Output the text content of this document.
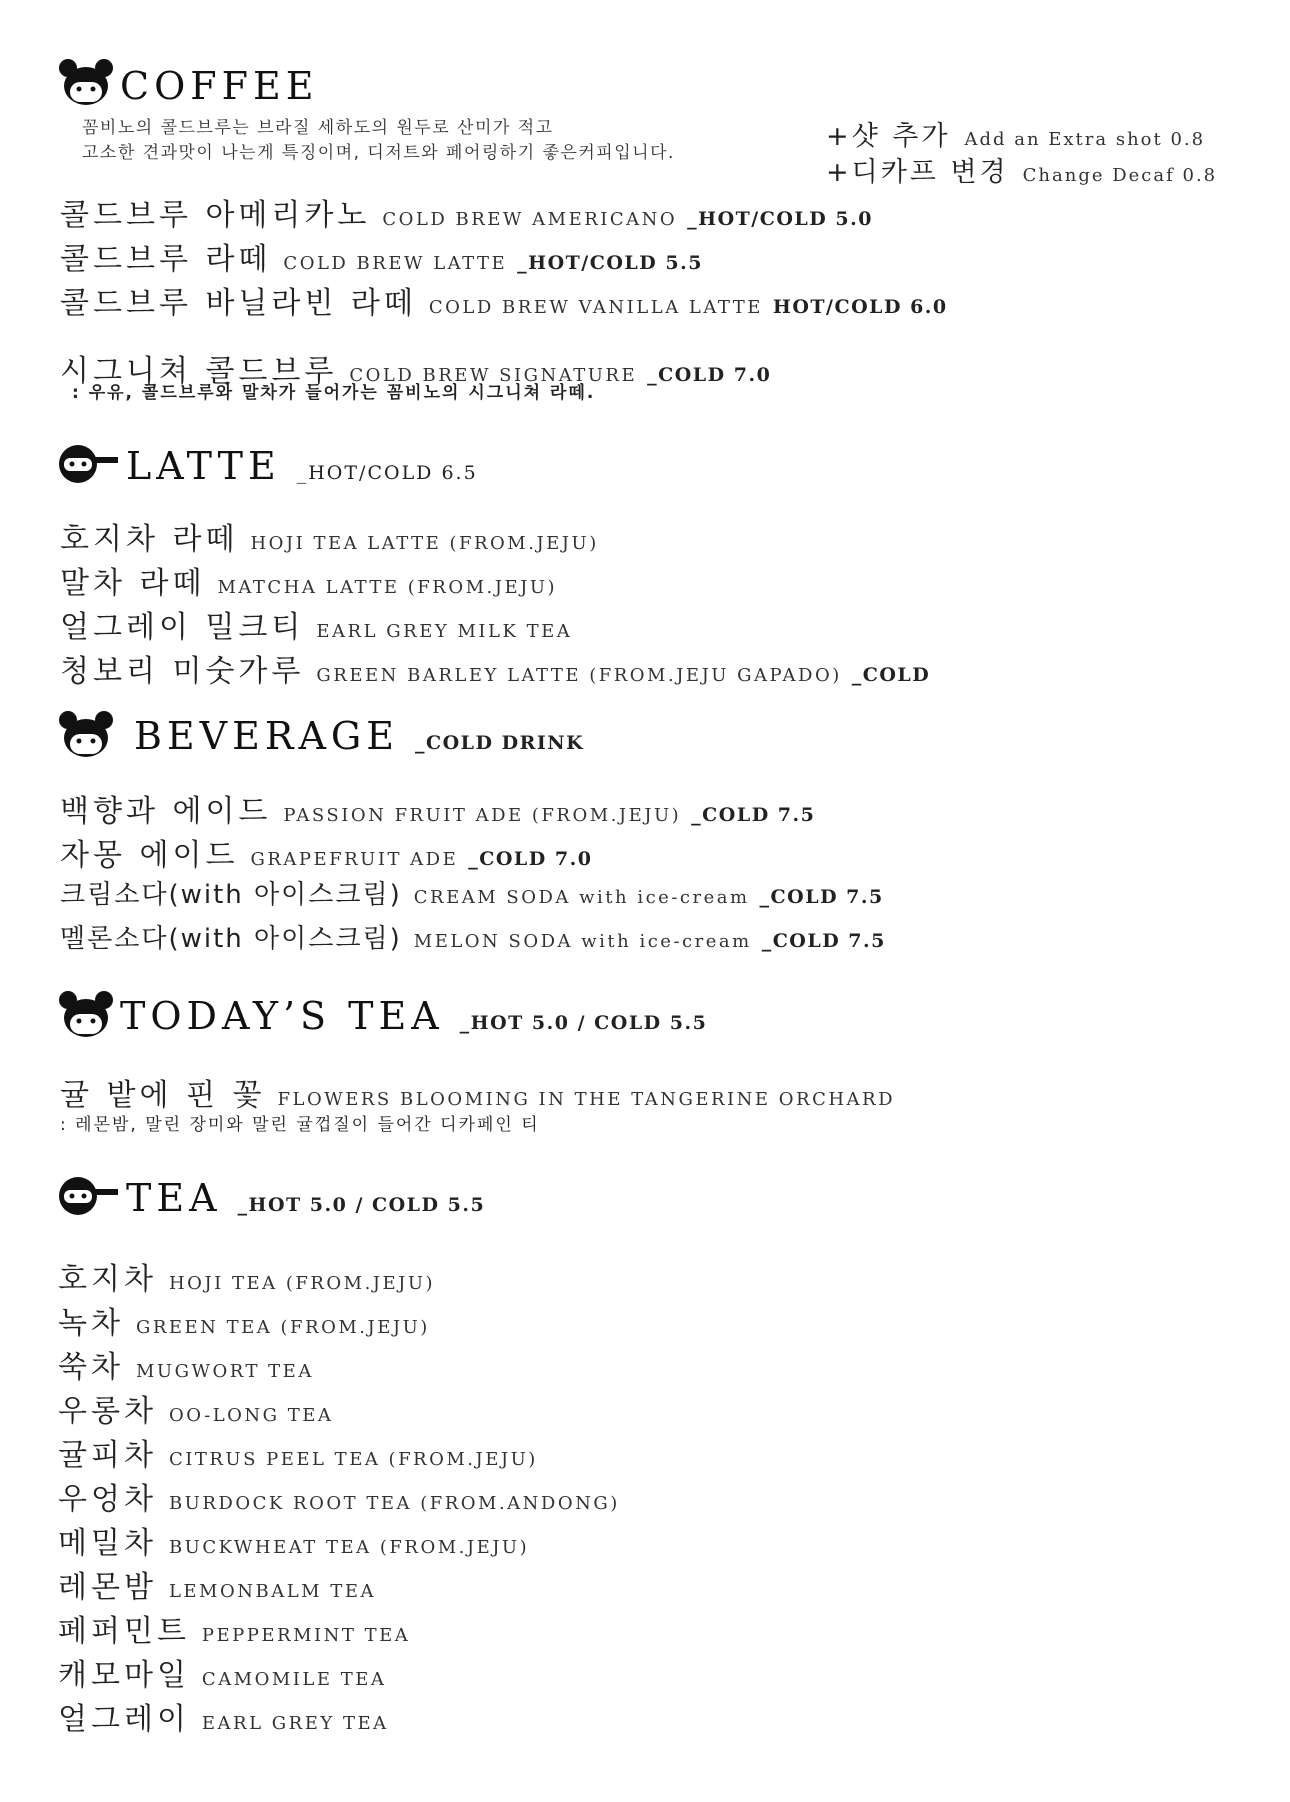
COFFEE
꼼비노의 콜드브루는 브라질 세하도의 원두로 산미가 적고
고소한 견과맛이 나는게 특징이며, 디저트와 페어링하기 좋은커피입니다.
+샷 추가 Add an Extra shot 0.8
+디카프 변경 Change Decaf 0.8
콜드브루 아메리카노 COLD BREW AMERICANO _HOT/COLD 5.0
콜드브루 라떼 COLD BREW LATTE _HOT/COLD 5.5
콜드브루 바닐라빈 라떼 COLD BREW VANILLA LATTE HOT/COLD 6.0
시그니쳐 콜드브루 COLD BREW SIGNATURE _COLD 7.0
: 우유, 콜드브루와 말차가 들어가는 꼼비노의 시그니쳐 라떼.
LATTE _HOT/COLD 6.5
호지차 라떼 HOJI TEA LATTE (FROM.JEJU)
말차 라떼 MATCHA LATTE (FROM.JEJU)
얼그레이 밀크티 EARL GREY MILK TEA
청보리 미숫가루 GREEN BARLEY LATTE (FROM.JEJU GAPADO) _COLD
BEVERAGE _COLD DRINK
백향과 에이드 PASSION FRUIT ADE (FROM.JEJU) _COLD 7.5
자몽 에이드 GRAPEFRUIT ADE _COLD 7.0
크림소다(with 아이스크림) CREAM SODA with ice-cream _COLD 7.5
멜론소다(with 아이스크림) MELON SODA with ice-cream _COLD 7.5
TODAY’S TEA _HOT 5.0 / COLD 5.5
귤 밭에 핀 꽃 FLOWERS BLOOMING IN THE TANGERINE ORCHARD
: 레몬밤, 말린 장미와 말린 귤껍질이 들어간 디카페인 티
TEA _HOT 5.0 / COLD 5.5
호지차 HOJI TEA (FROM.JEJU)
녹차 GREEN TEA (FROM.JEJU)
쑥차 MUGWORT TEA
우롱차 OO-LONG TEA
귤피차 CITRUS PEEL TEA (FROM.JEJU)
우엉차 BURDOCK ROOT TEA (FROM.ANDONG)
메밀차 BUCKWHEAT TEA (FROM.JEJU)
레몬밤 LEMONBALM TEA
페퍼민트 PEPPERMINT TEA
캐모마일 CAMOMILE TEA
얼그레이 EARL GREY TEA
